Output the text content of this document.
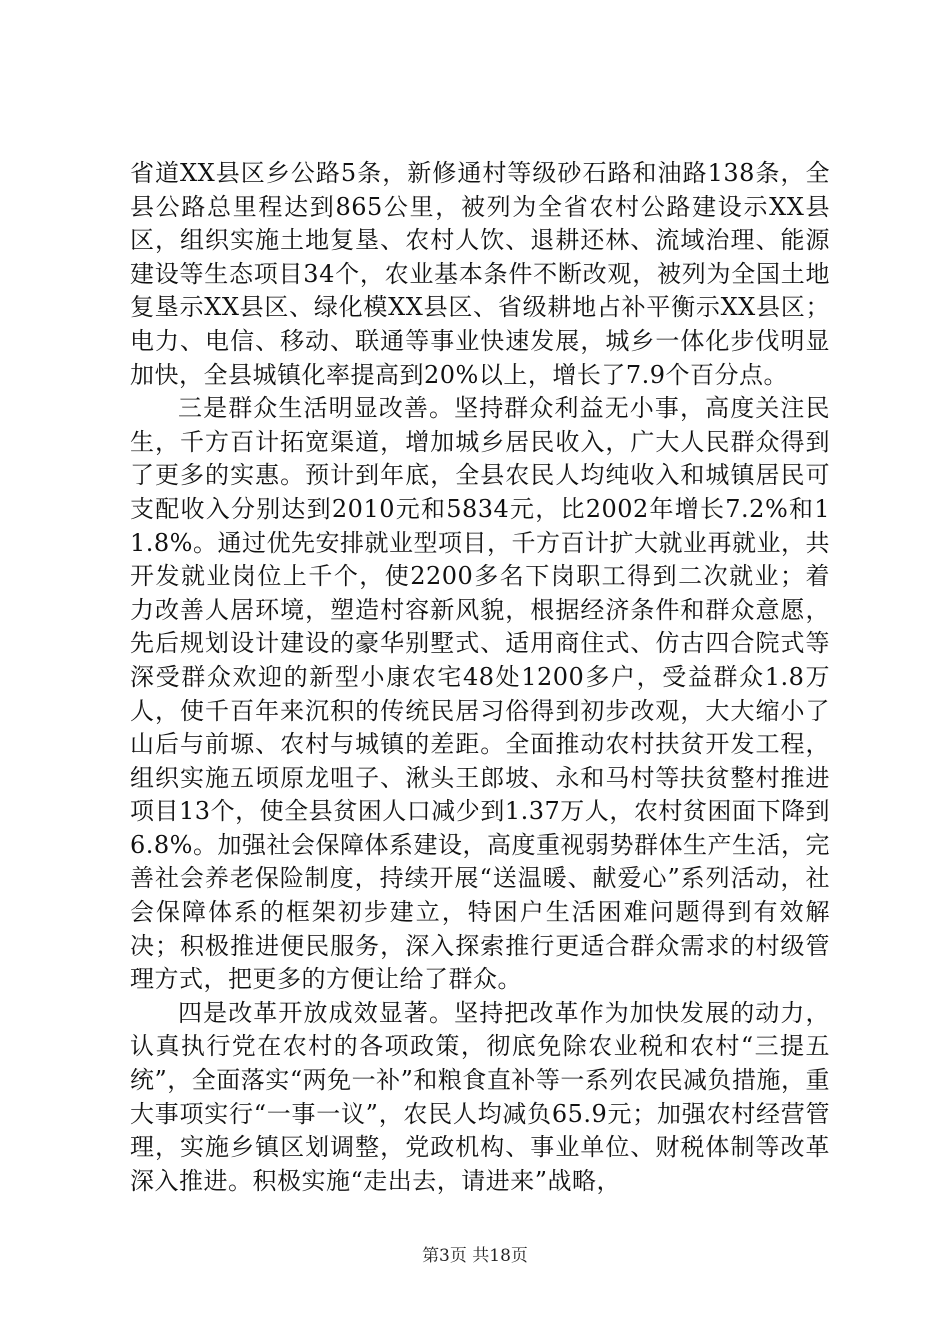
省道XX县区乡公路5条，新修通村等级砂石路和油路138条，全县公路总里程达到865公里，被列为全省农村公路建设示XX县区，组织实施土地复垦、农村人饮、退耕还林、流域治理、能源建设等生态项目34个，农业基本条件不断改观，被列为全国土地复垦示XX县区、绿化模XX县区、省级耕地占补平衡示XX县区；电力、电信、移动、联通等事业快速发展，城乡一体化步伐明显加快，全县城镇化率提高到20%以上，增长了7.9个百分点。

三是群众生活明显改善。坚持群众利益无小事，高度关注民生，千方百计拓宽渠道，增加城乡居民收入，广大人民群众得到了更多的实惠。预计到年底，全县农民人均纯收入和城镇居民可支配收入分别达到2010元和5834元，比2002年增长7.2%和11.8%。通过优先安排就业型项目，千方百计扩大就业再就业，共开发就业岗位上千个，使2200多名下岗职工得到二次就业；着力改善人居环境，塑造村容新风貌，根据经济条件和群众意愿，先后规划设计建设的豪华别墅式、适用商住式、仿古四合院式等深受群众欢迎的新型小康农宅48处1200多户，受益群众1.8万人，使千百年来沉积的传统民居习俗得到初步改观，大大缩小了山后与前塬、农村与城镇的差距。全面推动农村扶贫开发工程，组织实施五顷原龙咀子、湫头王郎坡、永和马村等扶贫整村推进项目13个，使全县贫困人口减少到1.37万人，农村贫困面下降到6.8%。加强社会保障体系建设，高度重视弱势群体生产生活，完善社会养老保险制度，持续开展“送温暖、献爱心”系列活动，社会保障体系的框架初步建立，特困户生活困难问题得到有效解决；积极推进便民服务，深入探索推行更适合群众需求的村级管理方式，把更多的方便让给了群众。

四是改革开放成效显著。坚持把改革作为加快发展的动力，认真执行党在农村的各项政策，彻底免除农业税和农村“三提五统”，全面落实“两免一补”和粮食直补等一系列农民减负措施，重大事项实行“一事一议”，农民人均减负65.9元；加强农村经营管理，实施乡镇区划调整，党政机构、事业单位、财税体制等改革深入推进。积极实施“走出去，请进来”战略，

第3页 共18页
